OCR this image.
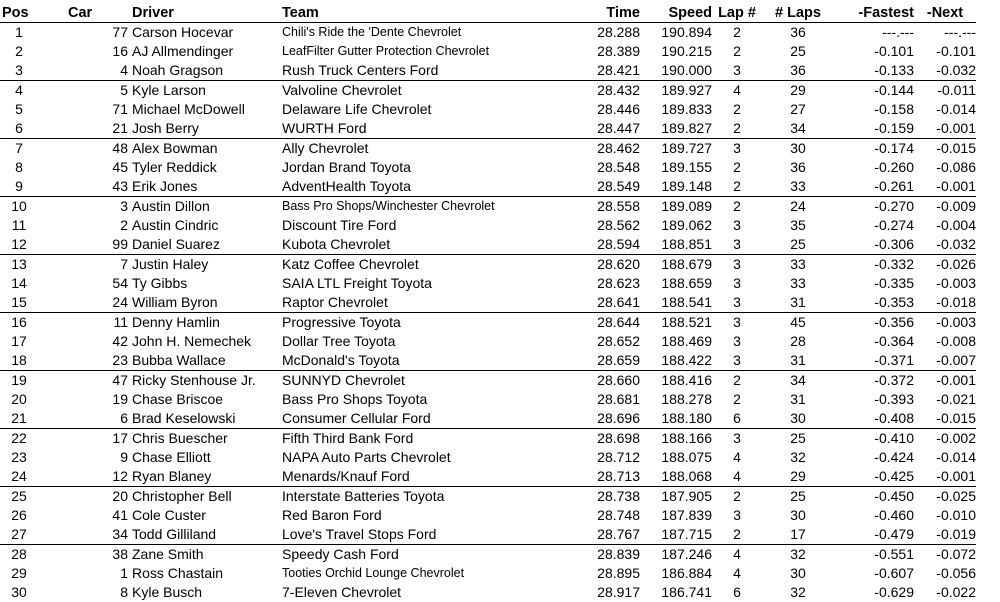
Pos	Car	Driver	Team	Time	Speed	Lap #	# Laps	-Fastest	-Next
1	77	Carson Hocevar	Chili's Ride the 'Dente Chevrolet	28.288	190.894	2	36	---.---	---.---
2	16	AJ Allmendinger	LeafFilter Gutter Protection Chevrolet	28.389	190.215	2	25	-0.101	-0.101
3	4	Noah Gragson	Rush Truck Centers Ford	28.421	190.000	3	36	-0.133	-0.032
4	5	Kyle Larson	Valvoline Chevrolet	28.432	189.927	4	29	-0.144	-0.011
5	71	Michael McDowell	Delaware Life Chevrolet	28.446	189.833	2	27	-0.158	-0.014
6	21	Josh Berry	WURTH Ford	28.447	189.827	2	34	-0.159	-0.001
7	48	Alex Bowman	Ally Chevrolet	28.462	189.727	3	30	-0.174	-0.015
8	45	Tyler Reddick	Jordan Brand Toyota	28.548	189.155	2	36	-0.260	-0.086
9	43	Erik Jones	AdventHealth Toyota	28.549	189.148	2	33	-0.261	-0.001
10	3	Austin Dillon	Bass Pro Shops/Winchester Chevrolet	28.558	189.089	2	24	-0.270	-0.009
11	2	Austin Cindric	Discount Tire Ford	28.562	189.062	3	35	-0.274	-0.004
12	99	Daniel Suarez	Kubota Chevrolet	28.594	188.851	3	25	-0.306	-0.032
13	7	Justin Haley	Katz Coffee Chevrolet	28.620	188.679	3	33	-0.332	-0.026
14	54	Ty Gibbs	SAIA LTL Freight Toyota	28.623	188.659	3	33	-0.335	-0.003
15	24	William Byron	Raptor Chevrolet	28.641	188.541	3	31	-0.353	-0.018
16	11	Denny Hamlin	Progressive Toyota	28.644	188.521	3	45	-0.356	-0.003
17	42	John H. Nemechek	Dollar Tree Toyota	28.652	188.469	3	28	-0.364	-0.008
18	23	Bubba Wallace	McDonald's Toyota	28.659	188.422	3	31	-0.371	-0.007
19	47	Ricky Stenhouse Jr.	SUNNYD Chevrolet	28.660	188.416	2	34	-0.372	-0.001
20	19	Chase Briscoe	Bass Pro Shops Toyota	28.681	188.278	2	31	-0.393	-0.021
21	6	Brad Keselowski	Consumer Cellular Ford	28.696	188.180	6	30	-0.408	-0.015
22	17	Chris Buescher	Fifth Third Bank Ford	28.698	188.166	3	25	-0.410	-0.002
23	9	Chase Elliott	NAPA Auto Parts Chevrolet	28.712	188.075	4	32	-0.424	-0.014
24	12	Ryan Blaney	Menards/Knauf Ford	28.713	188.068	4	29	-0.425	-0.001
25	20	Christopher Bell	Interstate Batteries Toyota	28.738	187.905	2	25	-0.450	-0.025
26	41	Cole Custer	Red Baron Ford	28.748	187.839	3	30	-0.460	-0.010
27	34	Todd Gilliland	Love's Travel Stops Ford	28.767	187.715	2	17	-0.479	-0.019
28	38	Zane Smith	Speedy Cash Ford	28.839	187.246	4	32	-0.551	-0.072
29	1	Ross Chastain	Tooties Orchid Lounge Chevrolet	28.895	186.884	4	30	-0.607	-0.056
30	8	Kyle Busch	7-Eleven Chevrolet	28.917	186.741	6	32	-0.629	-0.022
